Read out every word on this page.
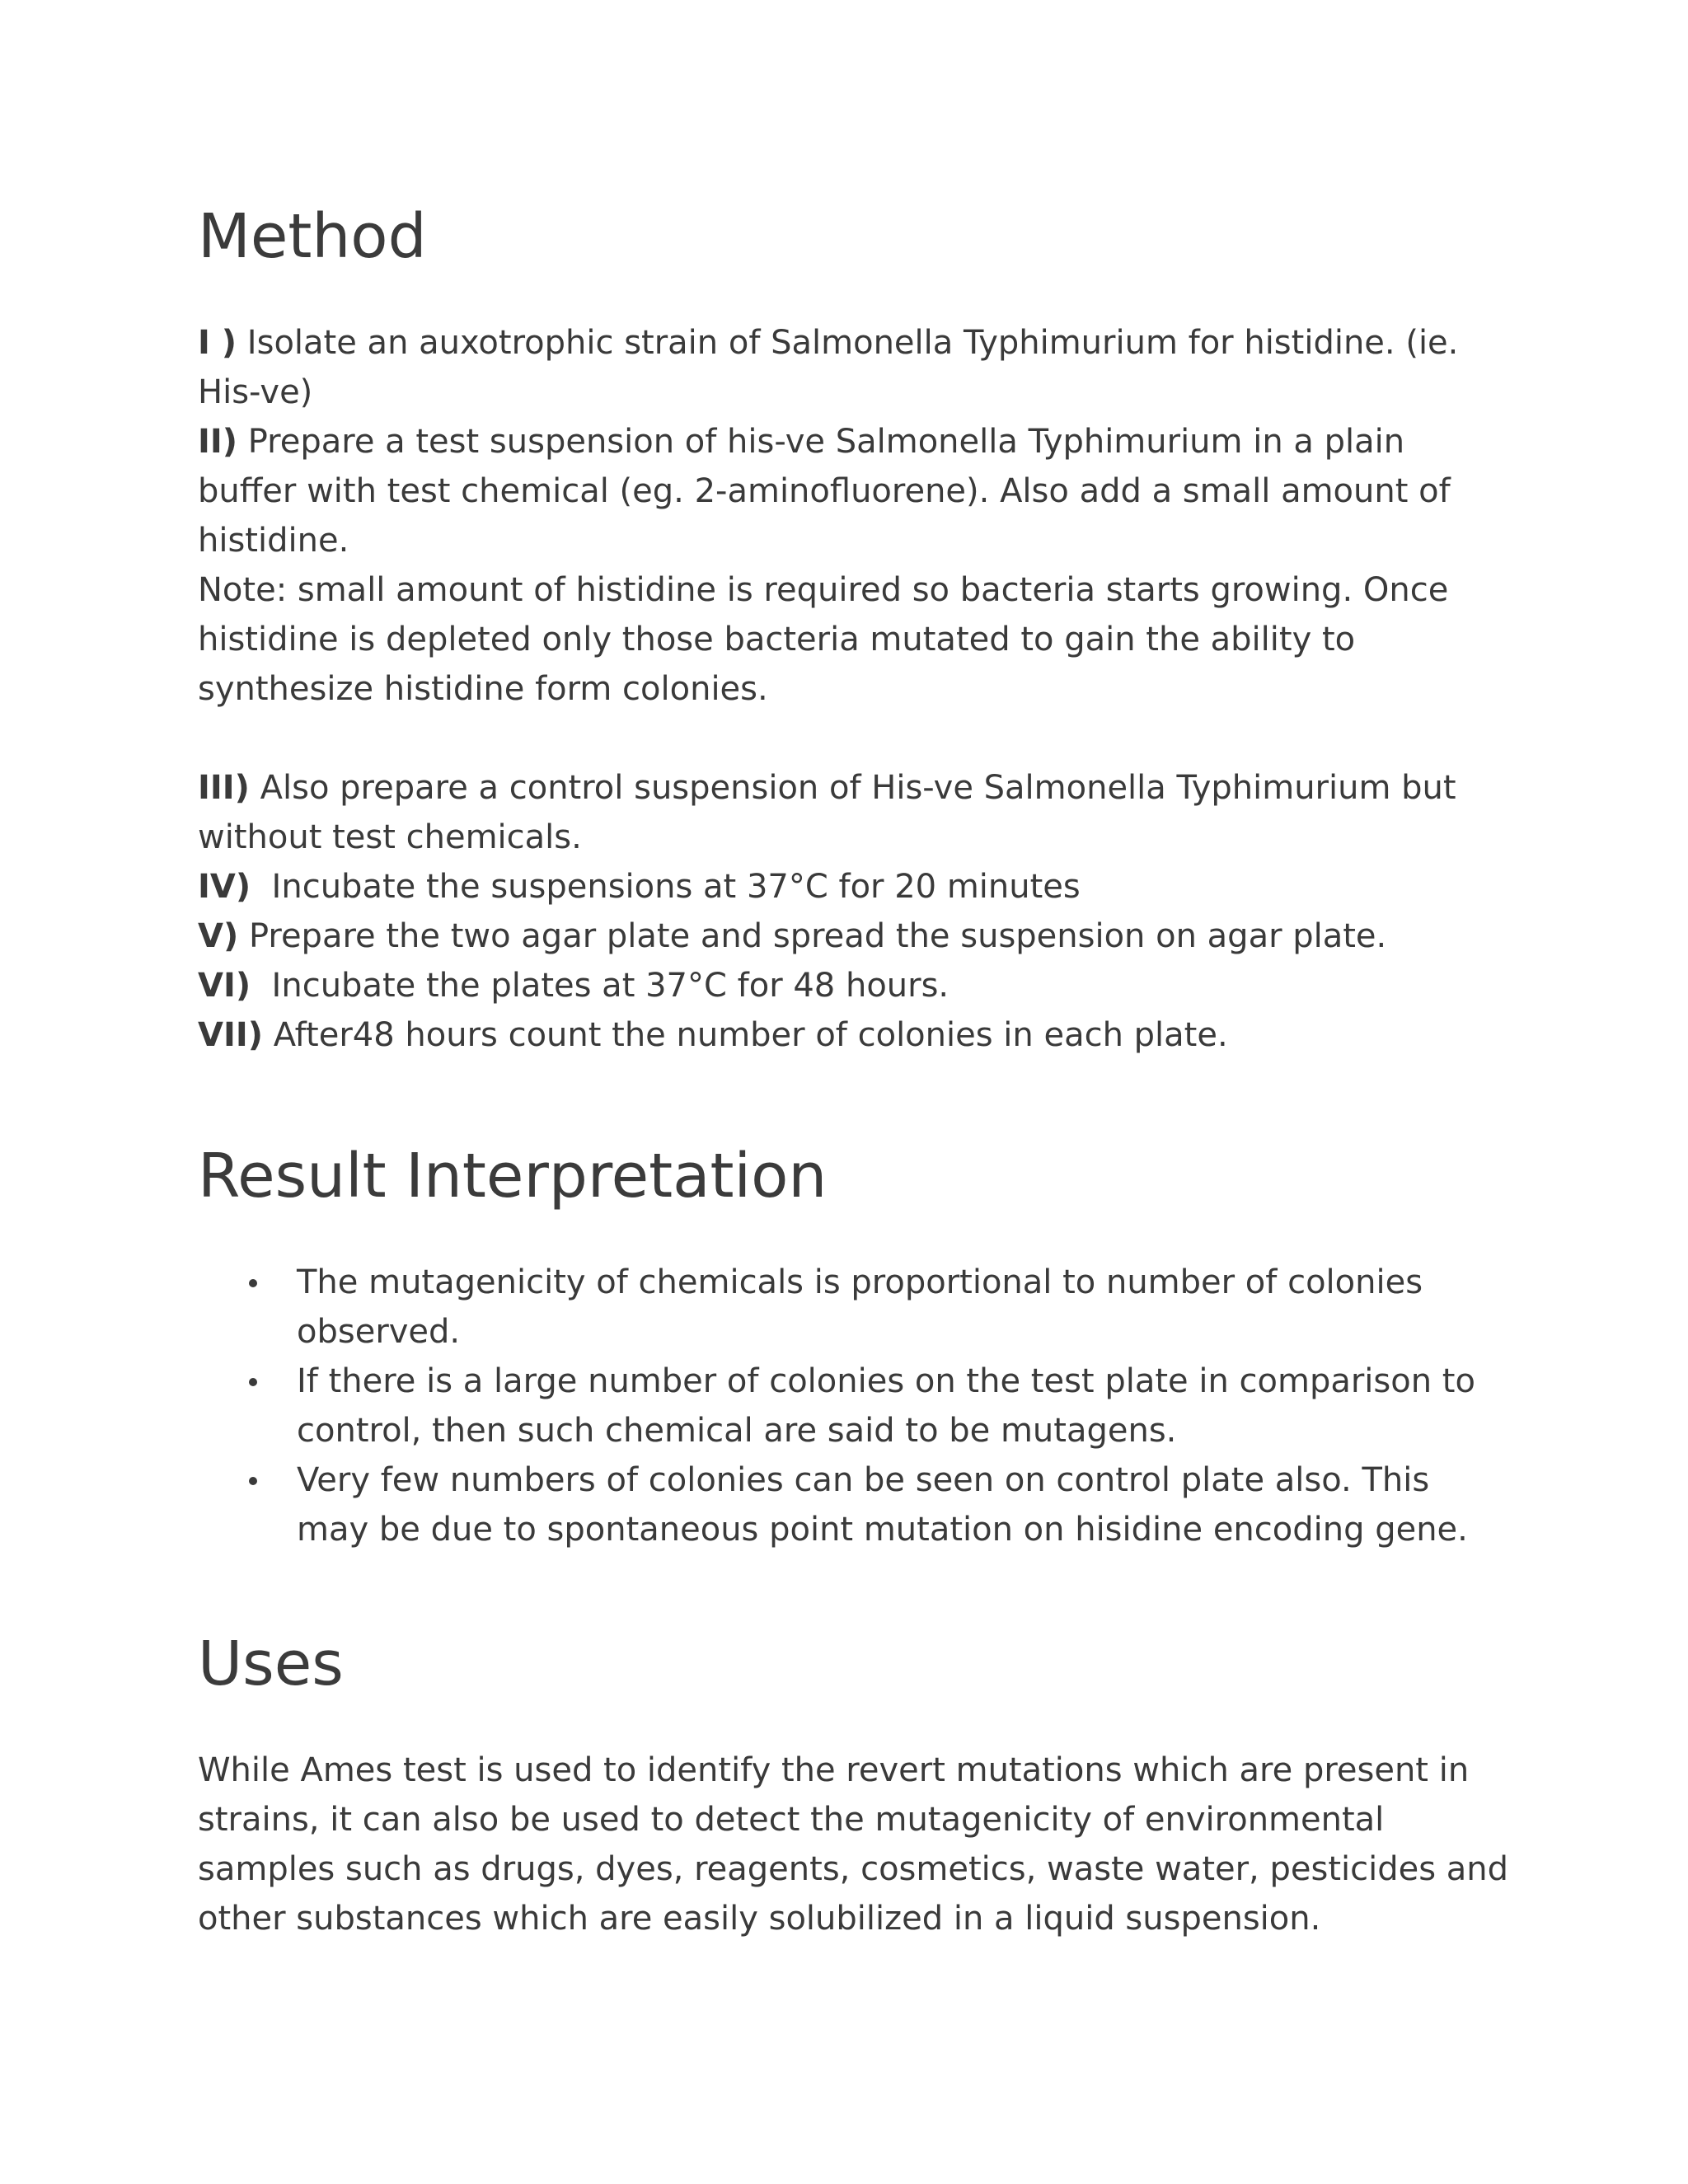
Method
I ) Isolate an auxotrophic strain of Salmonella Typhimurium for histidine. (ie.
His-ve)
II) Prepare a test suspension of his-ve Salmonella Typhimurium in a plain
buffer with test chemical (eg. 2-aminofluorene). Also add a small amount of
histidine.
Note: small amount of histidine is required so bacteria starts growing. Once
histidine is depleted only those bacteria mutated to gain the ability to
synthesize histidine form colonies.
III) Also prepare a control suspension of His-ve Salmonella Typhimurium but
without test chemicals.
IV)  Incubate the suspensions at 37°C for 20 minutes
V) Prepare the two agar plate and spread the suspension on agar plate.
VI)  Incubate the plates at 37°C for 48 hours.
VII) After48 hours count the number of colonies in each plate.
Result Interpretation
The mutagenicity of chemicals is proportional to number of colonies
observed.
If there is a large number of colonies on the test plate in comparison to
control, then such chemical are said to be mutagens.
Very few numbers of colonies can be seen on control plate also. This
may be due to spontaneous point mutation on hisidine encoding gene.
Uses
While Ames test is used to identify the revert mutations which are present in
strains, it can also be used to detect the mutagenicity of environmental
samples such as drugs, dyes, reagents, cosmetics, waste water, pesticides and
other substances which are easily solubilized in a liquid suspension.
